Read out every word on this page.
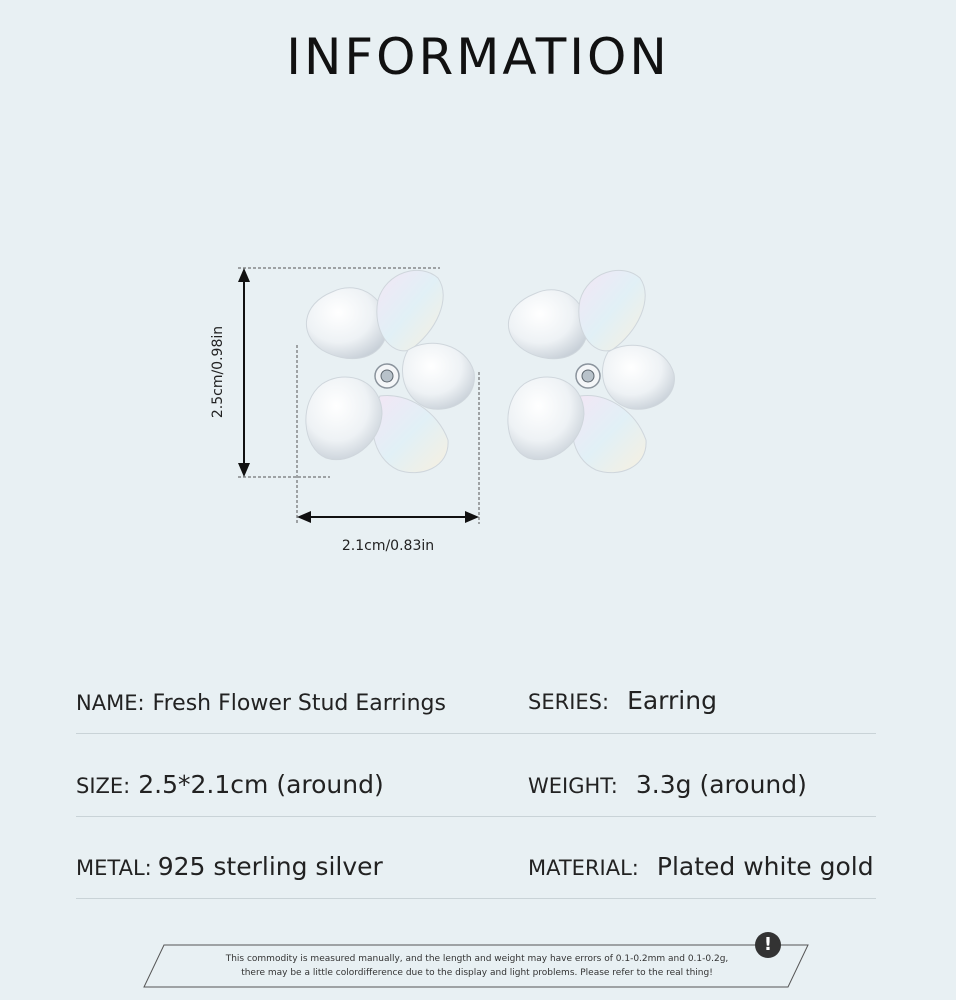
INFORMATION
2.5cm/0.98in
2.1cm/0.83in
NAME: Fresh Flower Stud Earrings	SERIES: Earring
SIZE: 2.5*2.1cm (around)	WEIGHT: 3.3g (around)
METAL: 925 sterling silver	MATERIAL: Plated white gold
This commodity is measured manually, and the length and weight may have errors of 0.1-0.2mm and 0.1-0.2g,
there may be a little colordifference due to the display and light problems. Please refer to the real thing!
!
